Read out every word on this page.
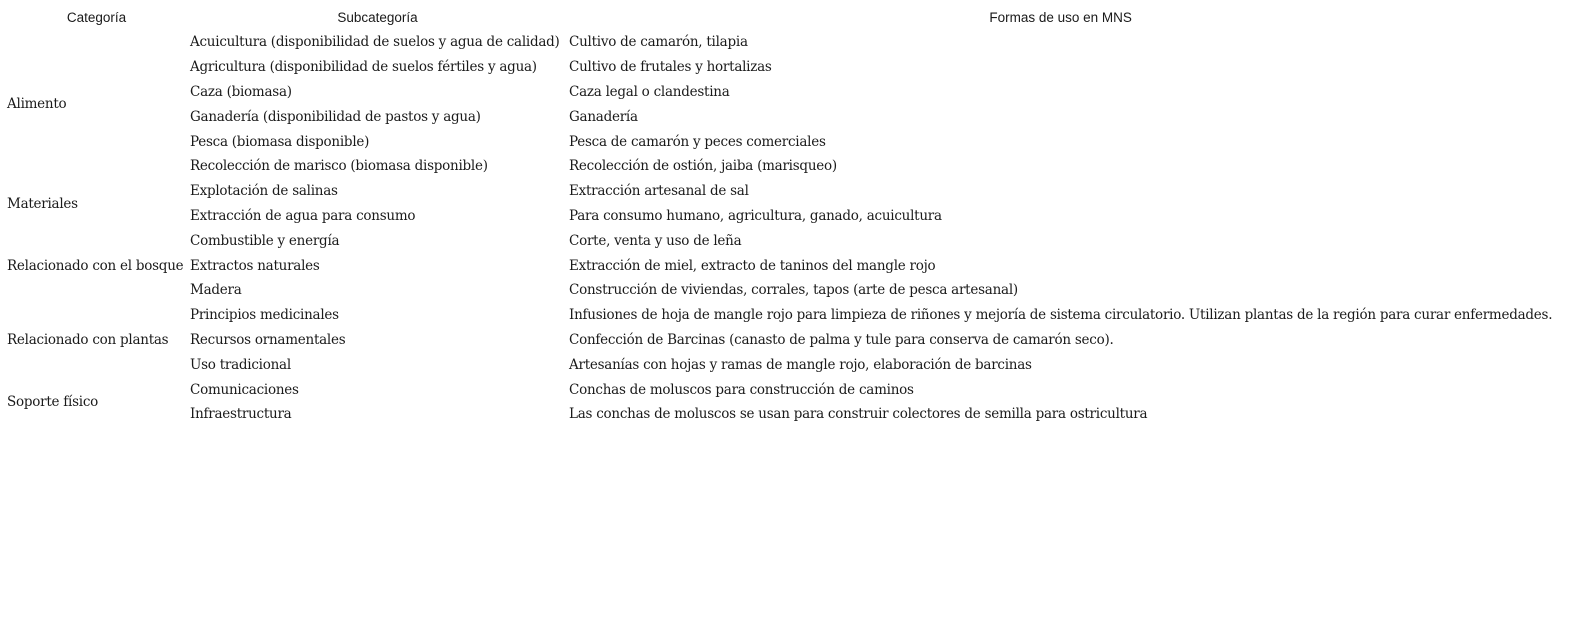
Categoría	Subcategoría	Formas de uso en MNS
Alimento	Acuicultura (disponibilidad de suelos y agua de calidad)	Cultivo de camarón, tilapia
	Agricultura (disponibilidad de suelos fértiles y agua)	Cultivo de frutales y hortalizas
	Caza (biomasa)	Caza legal o clandestina
	Ganadería (disponibilidad de pastos y agua)	Ganadería
	Pesca (biomasa disponible)	Pesca de camarón y peces comerciales
	Recolección de marisco (biomasa disponible)	Recolección de ostión, jaiba (marisqueo)
Materiales	Explotación de salinas	Extracción artesanal de sal
	Extracción de agua para consumo	Para consumo humano, agricultura, ganado, acuicultura
Relacionado con el bosque	Combustible y energía	Corte, venta y uso de leña
	Extractos naturales	Extracción de miel, extracto de taninos del mangle rojo
	Madera	Construcción de viviendas, corrales, tapos (arte de pesca artesanal)
Relacionado con plantas	Principios medicinales	Infusiones de hoja de mangle rojo para limpieza de riñones y mejoría de sistema circulatorio. Utilizan plantas de la región para curar enfermedades.
	Recursos ornamentales	Confección de Barcinas (canasto de palma y tule para conserva de camarón seco).
	Uso tradicional	Artesanías con hojas y ramas de mangle rojo, elaboración de barcinas
Soporte físico	Comunicaciones	Conchas de moluscos para construcción de caminos
	Infraestructura	Las conchas de moluscos se usan para construir colectores de semilla para ostricultura
